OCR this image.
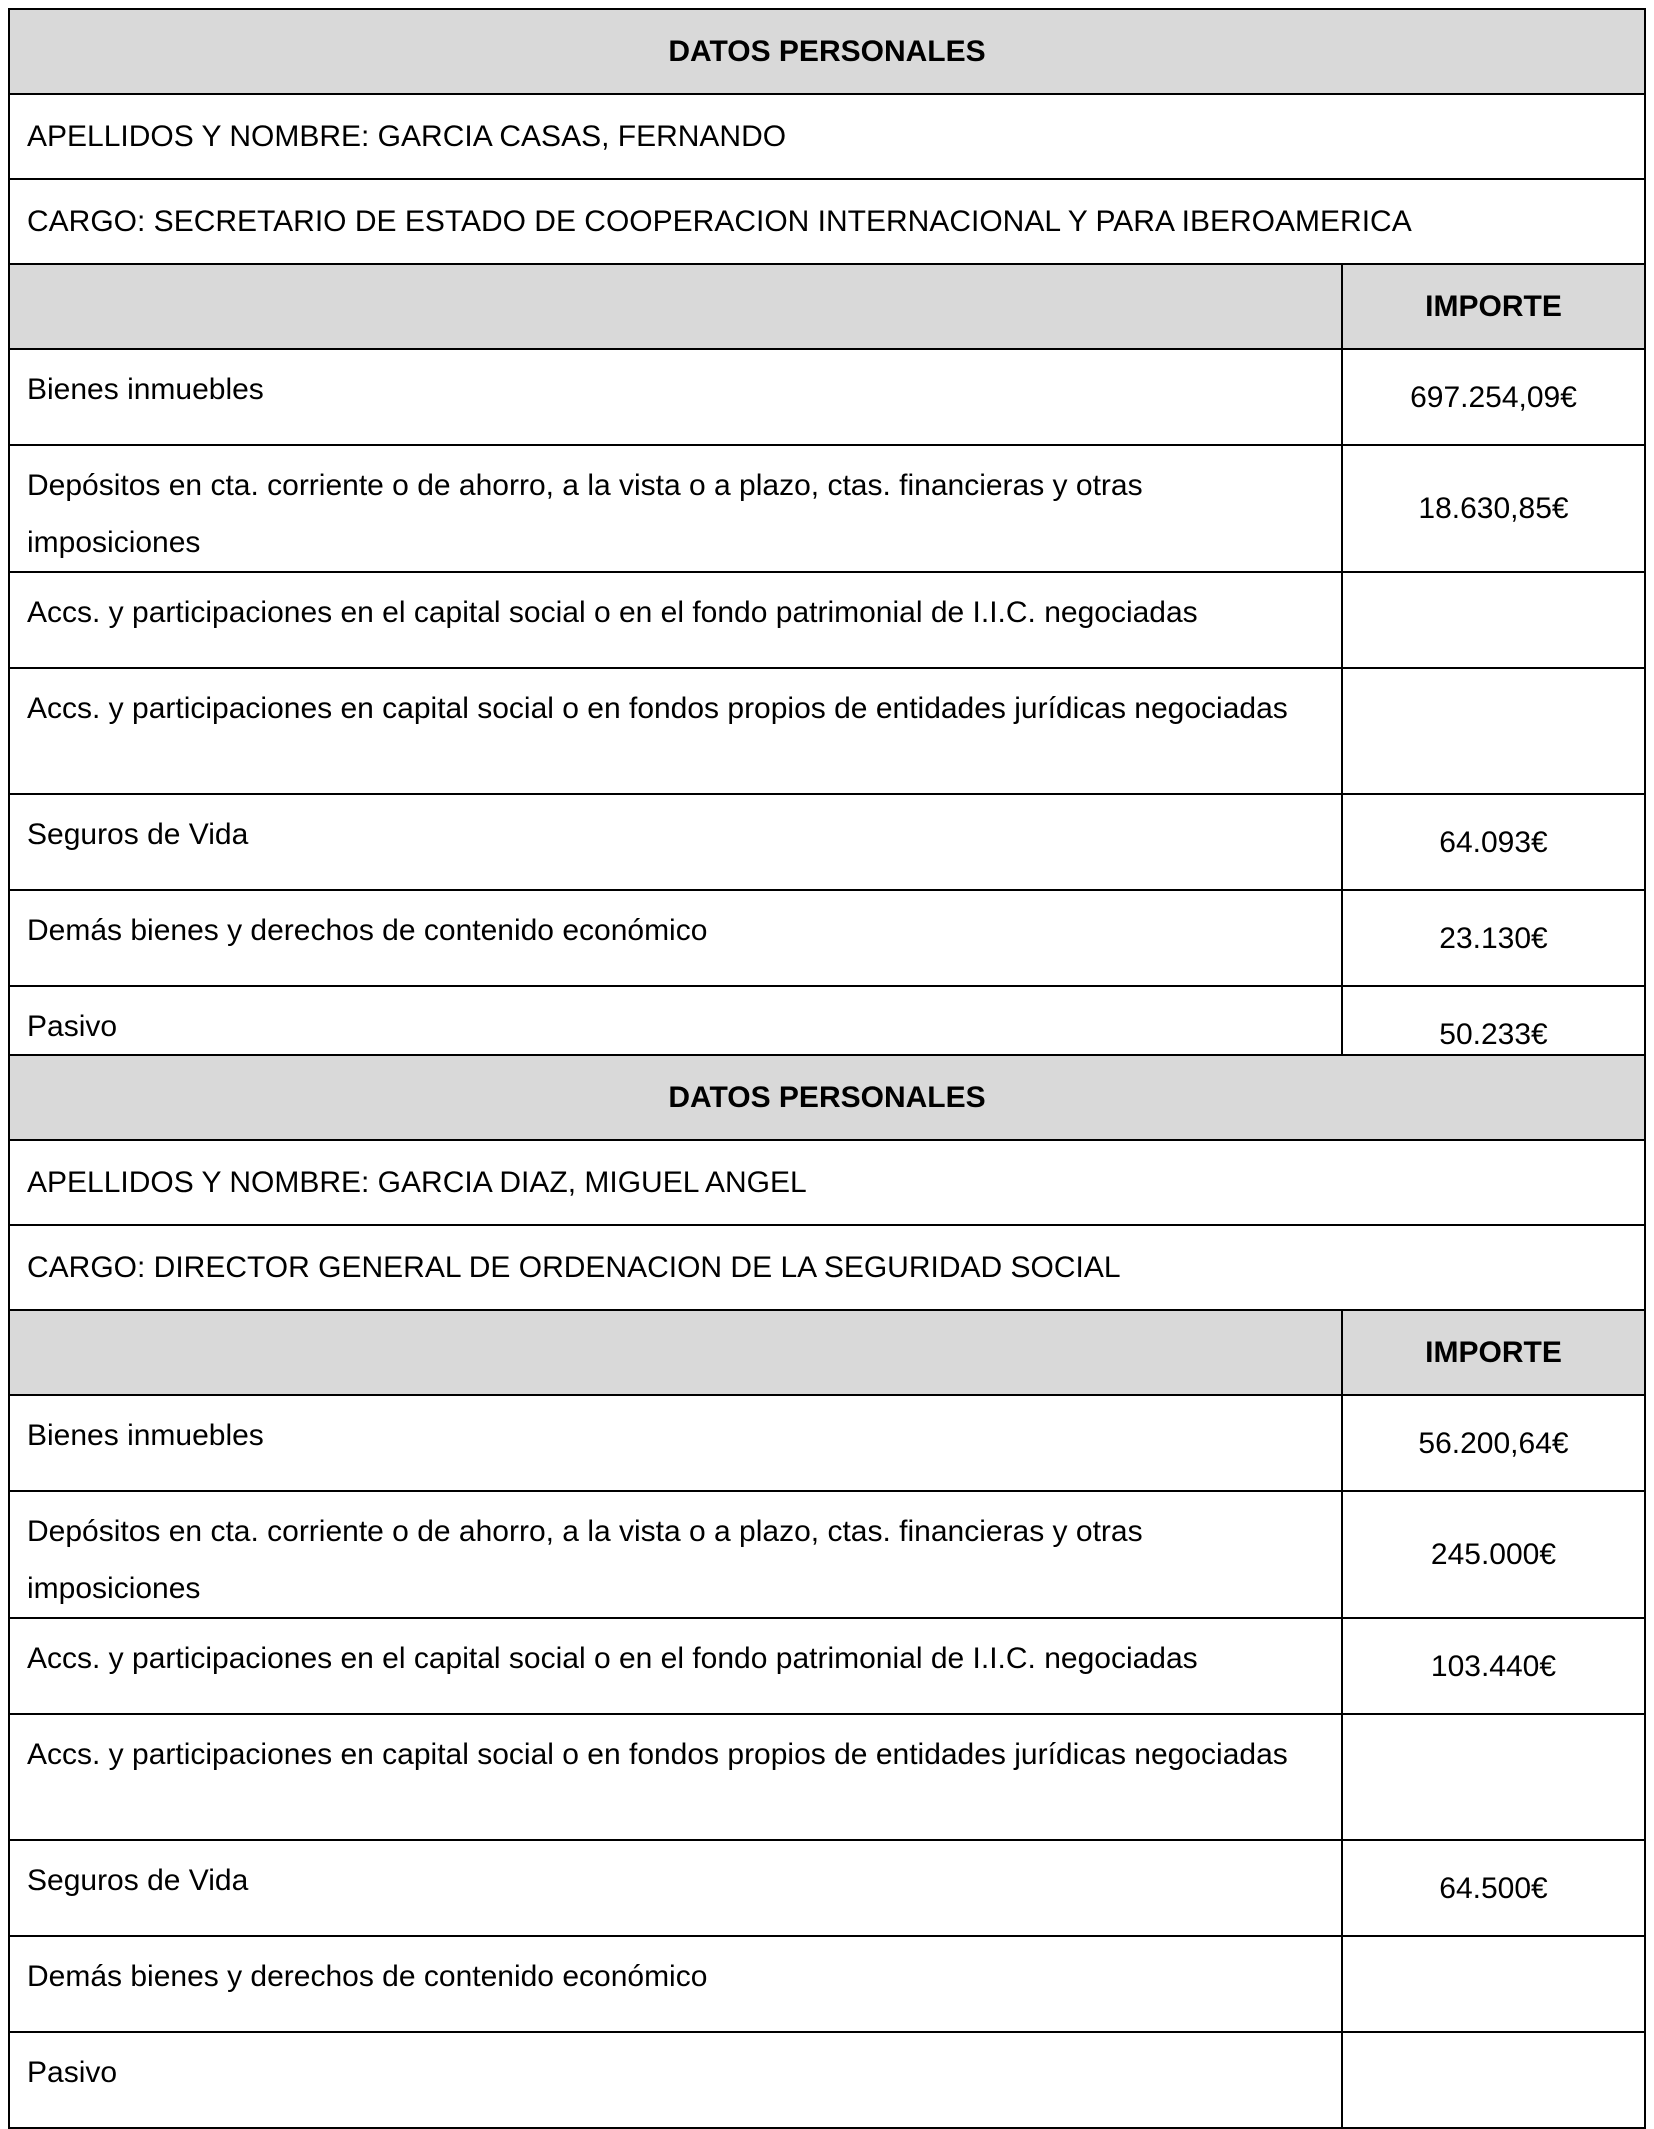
DATOS PERSONALES	
APELLIDOS Y NOMBRE: GARCIA CASAS, FERNANDO	
CARGO: SECRETARIO DE ESTADO DE COOPERACION INTERNACIONAL Y PARA IBEROAMERICA	
	IMPORTE
Bienes inmuebles	697.254,09€
Depósitos en cta. corriente o de ahorro, a la vista o a plazo, ctas. financieras y otras imposiciones	18.630,85€
Accs. y participaciones en el capital social o en el fondo patrimonial de I.I.C. negociadas	
Accs. y participaciones en capital social o en fondos propios de entidades jurídicas negociadas	
Seguros de Vida	64.093€
Demás bienes y derechos de contenido económico	23.130€
Pasivo	50.233€
DATOS PERSONALES	
APELLIDOS Y NOMBRE: GARCIA DIAZ, MIGUEL ANGEL	
CARGO: DIRECTOR GENERAL DE ORDENACION DE LA SEGURIDAD SOCIAL	
	IMPORTE
Bienes inmuebles	56.200,64€
Depósitos en cta. corriente o de ahorro, a la vista o a plazo, ctas. financieras y otras imposiciones	245.000€
Accs. y participaciones en el capital social o en el fondo patrimonial de I.I.C. negociadas	103.440€
Accs. y participaciones en capital social o en fondos propios de entidades jurídicas negociadas	
Seguros de Vida	64.500€
Demás bienes y derechos de contenido económico	
Pasivo	
